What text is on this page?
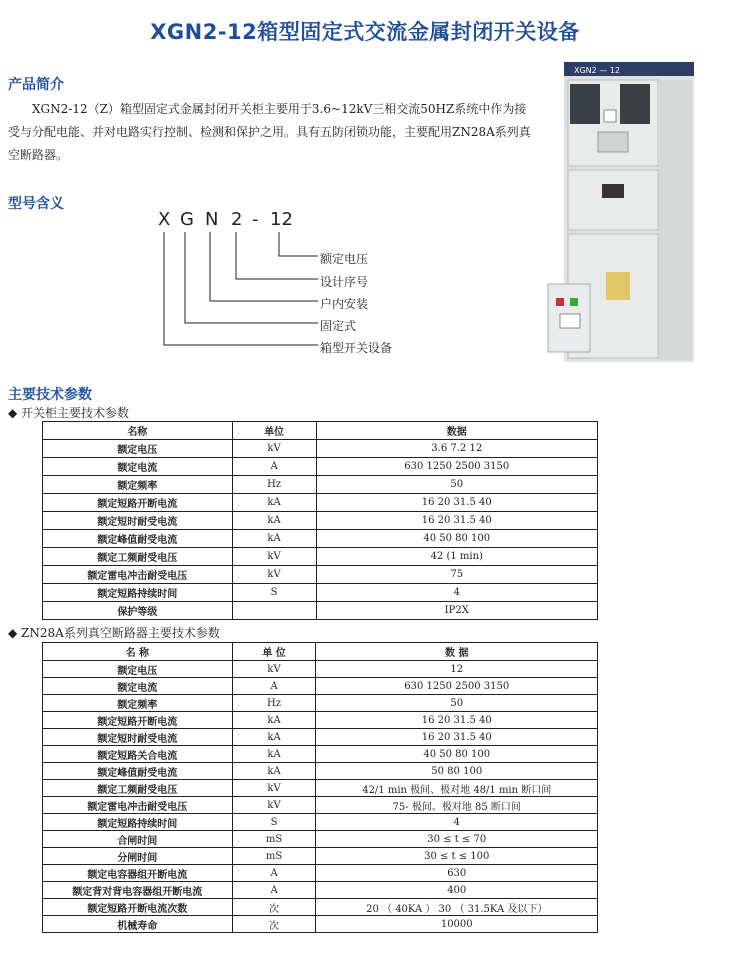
XGN2-12箱型固定式交流金属封闭开关设备
产品简介
XGN2-12（Z）箱型固定式金属封闭开关柜主要用于3.6~12kV三相交流50HZ系统中作为接受与分配电能、并对电路实行控制、检测和保护之用。具有五防闭锁功能，主要配用ZN28A系列真空断路器。
XGN2 — 12
型号含义
X G N 2 - 12
额定电压
设计序号
户内安装
固定式
箱型开关设备
主要技术参数
◆ 开关柜主要技术参数
名称	单位	数据
额定电压	kV	3.6 7.2 12
额定电流	A	630 1250 2500 3150
额定频率	Hz	50
额定短路开断电流	kA	16 20 31.5 40
额定短时耐受电流	kA	16 20 31.5 40
额定峰值耐受电流	kA	40 50 80 100
额定工频耐受电压	kV	42 (1 min)
额定雷电冲击耐受电压	kV	75
额定短路持续时间	S	4
保护等级		IP2X
◆ ZN28A系列真空断路器主要技术参数
名 称	单 位	数 据
额定电压	kV	12
额定电流	A	630 1250 2500 3150
额定频率	Hz	50
额定短路开断电流	kA	16 20 31.5 40
额定短时耐受电流	kA	16 20 31.5 40
额定短路关合电流	kA	40 50 80 100
额定峰值耐受电流	kA	50 80 100
额定工频耐受电压	kV	42/1 min 极间、极对地 48/1 min 断口间
额定雷电冲击耐受电压	kV	75- 极间、极对地 85 断口间
额定短路持续时间	S	4
合闸时间	mS	30 ≤ t ≤ 70
分闸时间	mS	30 ≤ t ≤ 100
额定电容器组开断电流	A	630
额定背对背电容器组开断电流	A	400
额定短路开断电流次数	次	20 （ 40KA ） 30 （ 31.5KA 及以下）
机械寿命	次	10000
